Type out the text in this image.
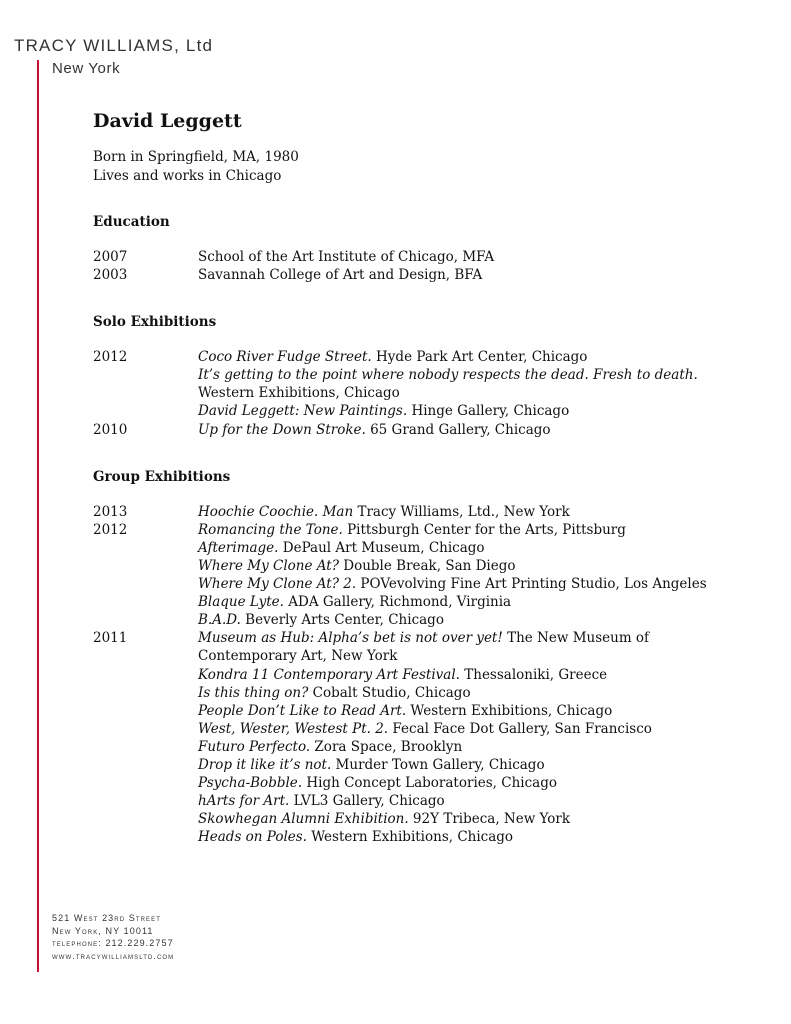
TRACY WILLIAMS, Ltd
New York
David Leggett
Born in Springfield, MA, 1980
Lives and works in Chicago
Education
2007	School of the Art Institute of Chicago, MFA
2003	Savannah College of Art and Design, BFA
Solo Exhibitions
2012	Coco River Fudge Street. Hyde Park Art Center, Chicago
It’s getting to the point where nobody respects the dead. Fresh to death.
Western Exhibitions, Chicago
David Leggett: New Paintings. Hinge Gallery, Chicago
2010	Up for the Down Stroke. 65 Grand Gallery, Chicago
Group Exhibitions
2013	Hoochie Coochie. Man Tracy Williams, Ltd., New York
2012	Romancing the Tone. Pittsburgh Center for the Arts, Pittsburg
Afterimage. DePaul Art Museum, Chicago
Where My Clone At? Double Break, San Diego
Where My Clone At? 2. POVevolving Fine Art Printing Studio, Los Angeles
Blaque Lyte. ADA Gallery, Richmond, Virginia
B.A.D. Beverly Arts Center, Chicago
2011	Museum as Hub: Alpha’s bet is not over yet! The New Museum of
Contemporary Art, New York
Kondra 11 Contemporary Art Festival. Thessaloniki, Greece
Is this thing on? Cobalt Studio, Chicago
People Don’t Like to Read Art. Western Exhibitions, Chicago
West, Wester, Westest Pt. 2. Fecal Face Dot Gallery, San Francisco
Futuro Perfecto. Zora Space, Brooklyn
Drop it like it’s not. Murder Town Gallery, Chicago
Psycha-Bobble. High Concept Laboratories, Chicago
hArts for Art. LVL3 Gallery, Chicago
Skowhegan Alumni Exhibition. 92Y Tribeca, New York
Heads on Poles. Western Exhibitions, Chicago
521 West 23rd Street
New York, NY 10011
telephone: 212.229.2757
www.tracywilliamsltd.com
